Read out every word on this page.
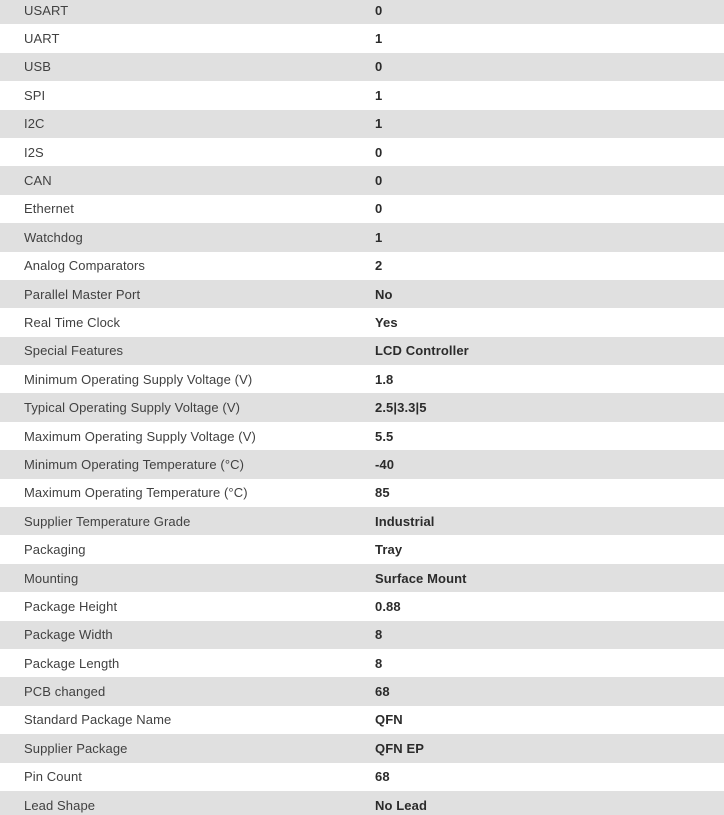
USART	0
UART	1
USB	0
SPI	1
I2C	1
I2S	0
CAN	0
Ethernet	0
Watchdog	1
Analog Comparators	2
Parallel Master Port	No
Real Time Clock	Yes
Special Features	LCD Controller
Minimum Operating Supply Voltage (V)	1.8
Typical Operating Supply Voltage (V)	2.5|3.3|5
Maximum Operating Supply Voltage (V)	5.5
Minimum Operating Temperature (°C)	-40
Maximum Operating Temperature (°C)	85
Supplier Temperature Grade	Industrial
Packaging	Tray
Mounting	Surface Mount
Package Height	0.88
Package Width	8
Package Length	8
PCB changed	68
Standard Package Name	QFN
Supplier Package	QFN EP
Pin Count	68
Lead Shape	No Lead
